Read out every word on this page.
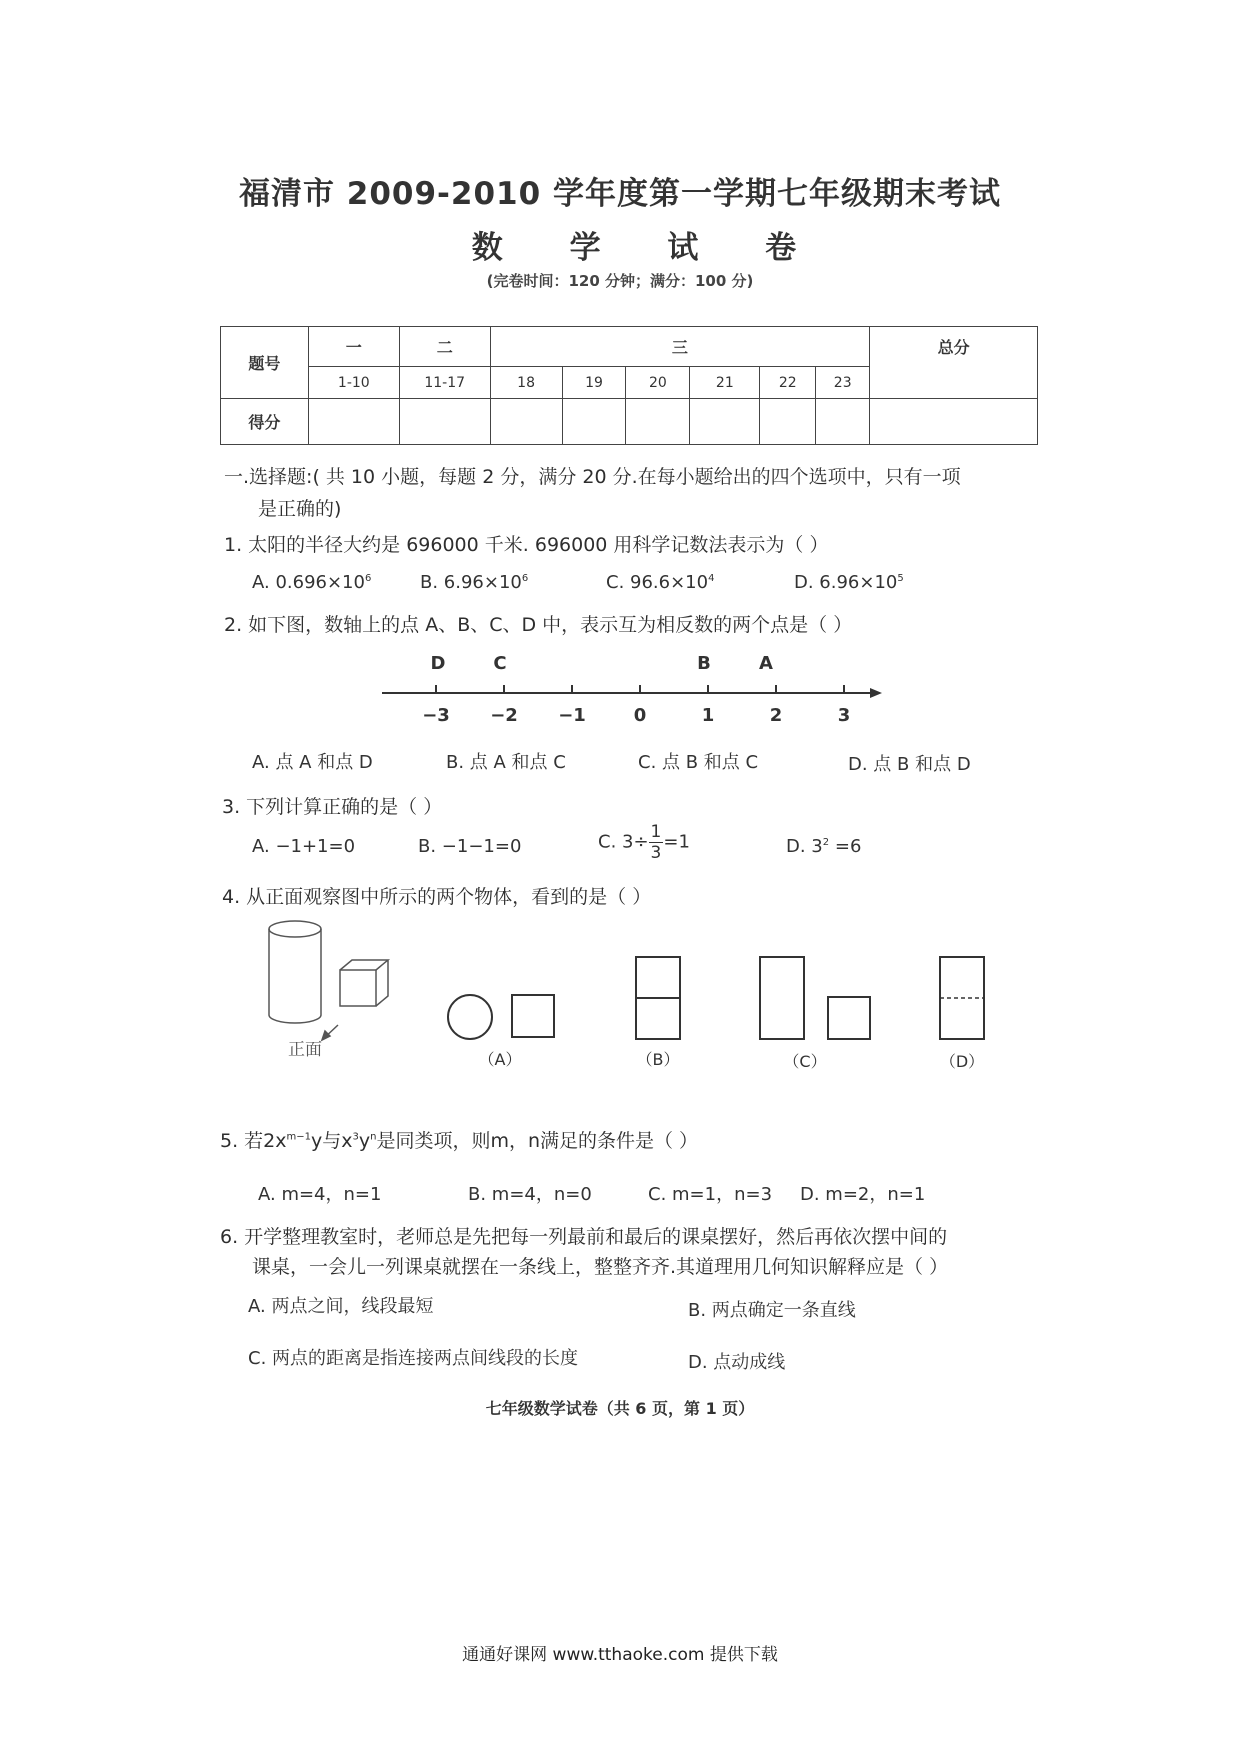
福清市 2009-2010 学年度第一学期七年级期末考试
数 学 试 卷
(完卷时间：120 分钟；满分：100 分)
题号	一	二	三						总分
	1-10	11-17	18	19	20	21	22	23	
得分									
一.选择题:( 共 10 小题，每题 2 分，满分 20 分.在每小题给出的四个选项中，只有一项
是正确的)
1. 太阳的半径大约是 696000 千米. 696000 用科学记数法表示为（ ）
A. $0.696\times 10^6$	B. $6.96\times 10^6$	C. $96.6\times 10^4$	D. $6.96\times 10^5$
2. 如下图，数轴上的点 A、B、C、D 中，表示互为相反数的两个点是（ ）
−3 −2 −1	0	1	2	3
D	C	B	A
A. 点 A 和点 D	B. 点 A 和点 C	C. 点 B 和点 C	D. 点 B 和点 D
3. 下列计算正确的是（ ）
A. −1+1=0	B. −1−1=0	C. $3\div \frac{1}{3} =1$	D. $3^2 =6$
4. 从正面观察图中所示的两个物体，看到的是（ ）
正面	（A）	（B）	（C）	（D）
5. 若$2x^{m-1}y$与$x^3y^n$是同类项，则m，n满足的条件是（ ）
A. m=4，n=1	B. m=4，n=0	C. m=1，n=3 D. m=2，n=1
6. 开学整理教室时，老师总是先把每一列最前和最后的课桌摆好，然后再依次摆中间的
课桌，一会儿一列课桌就摆在一条线上，整整齐齐.其道理用几何知识解释应是（ ）
A. 两点之间，线段最短	B. 两点确定一条直线
C. 两点的距离是指连接两点间线段的长度	D. 点动成线
七年级数学试卷（共 6 页，第 1 页）
通通好课网 www.tthaoke.com 提供下载
